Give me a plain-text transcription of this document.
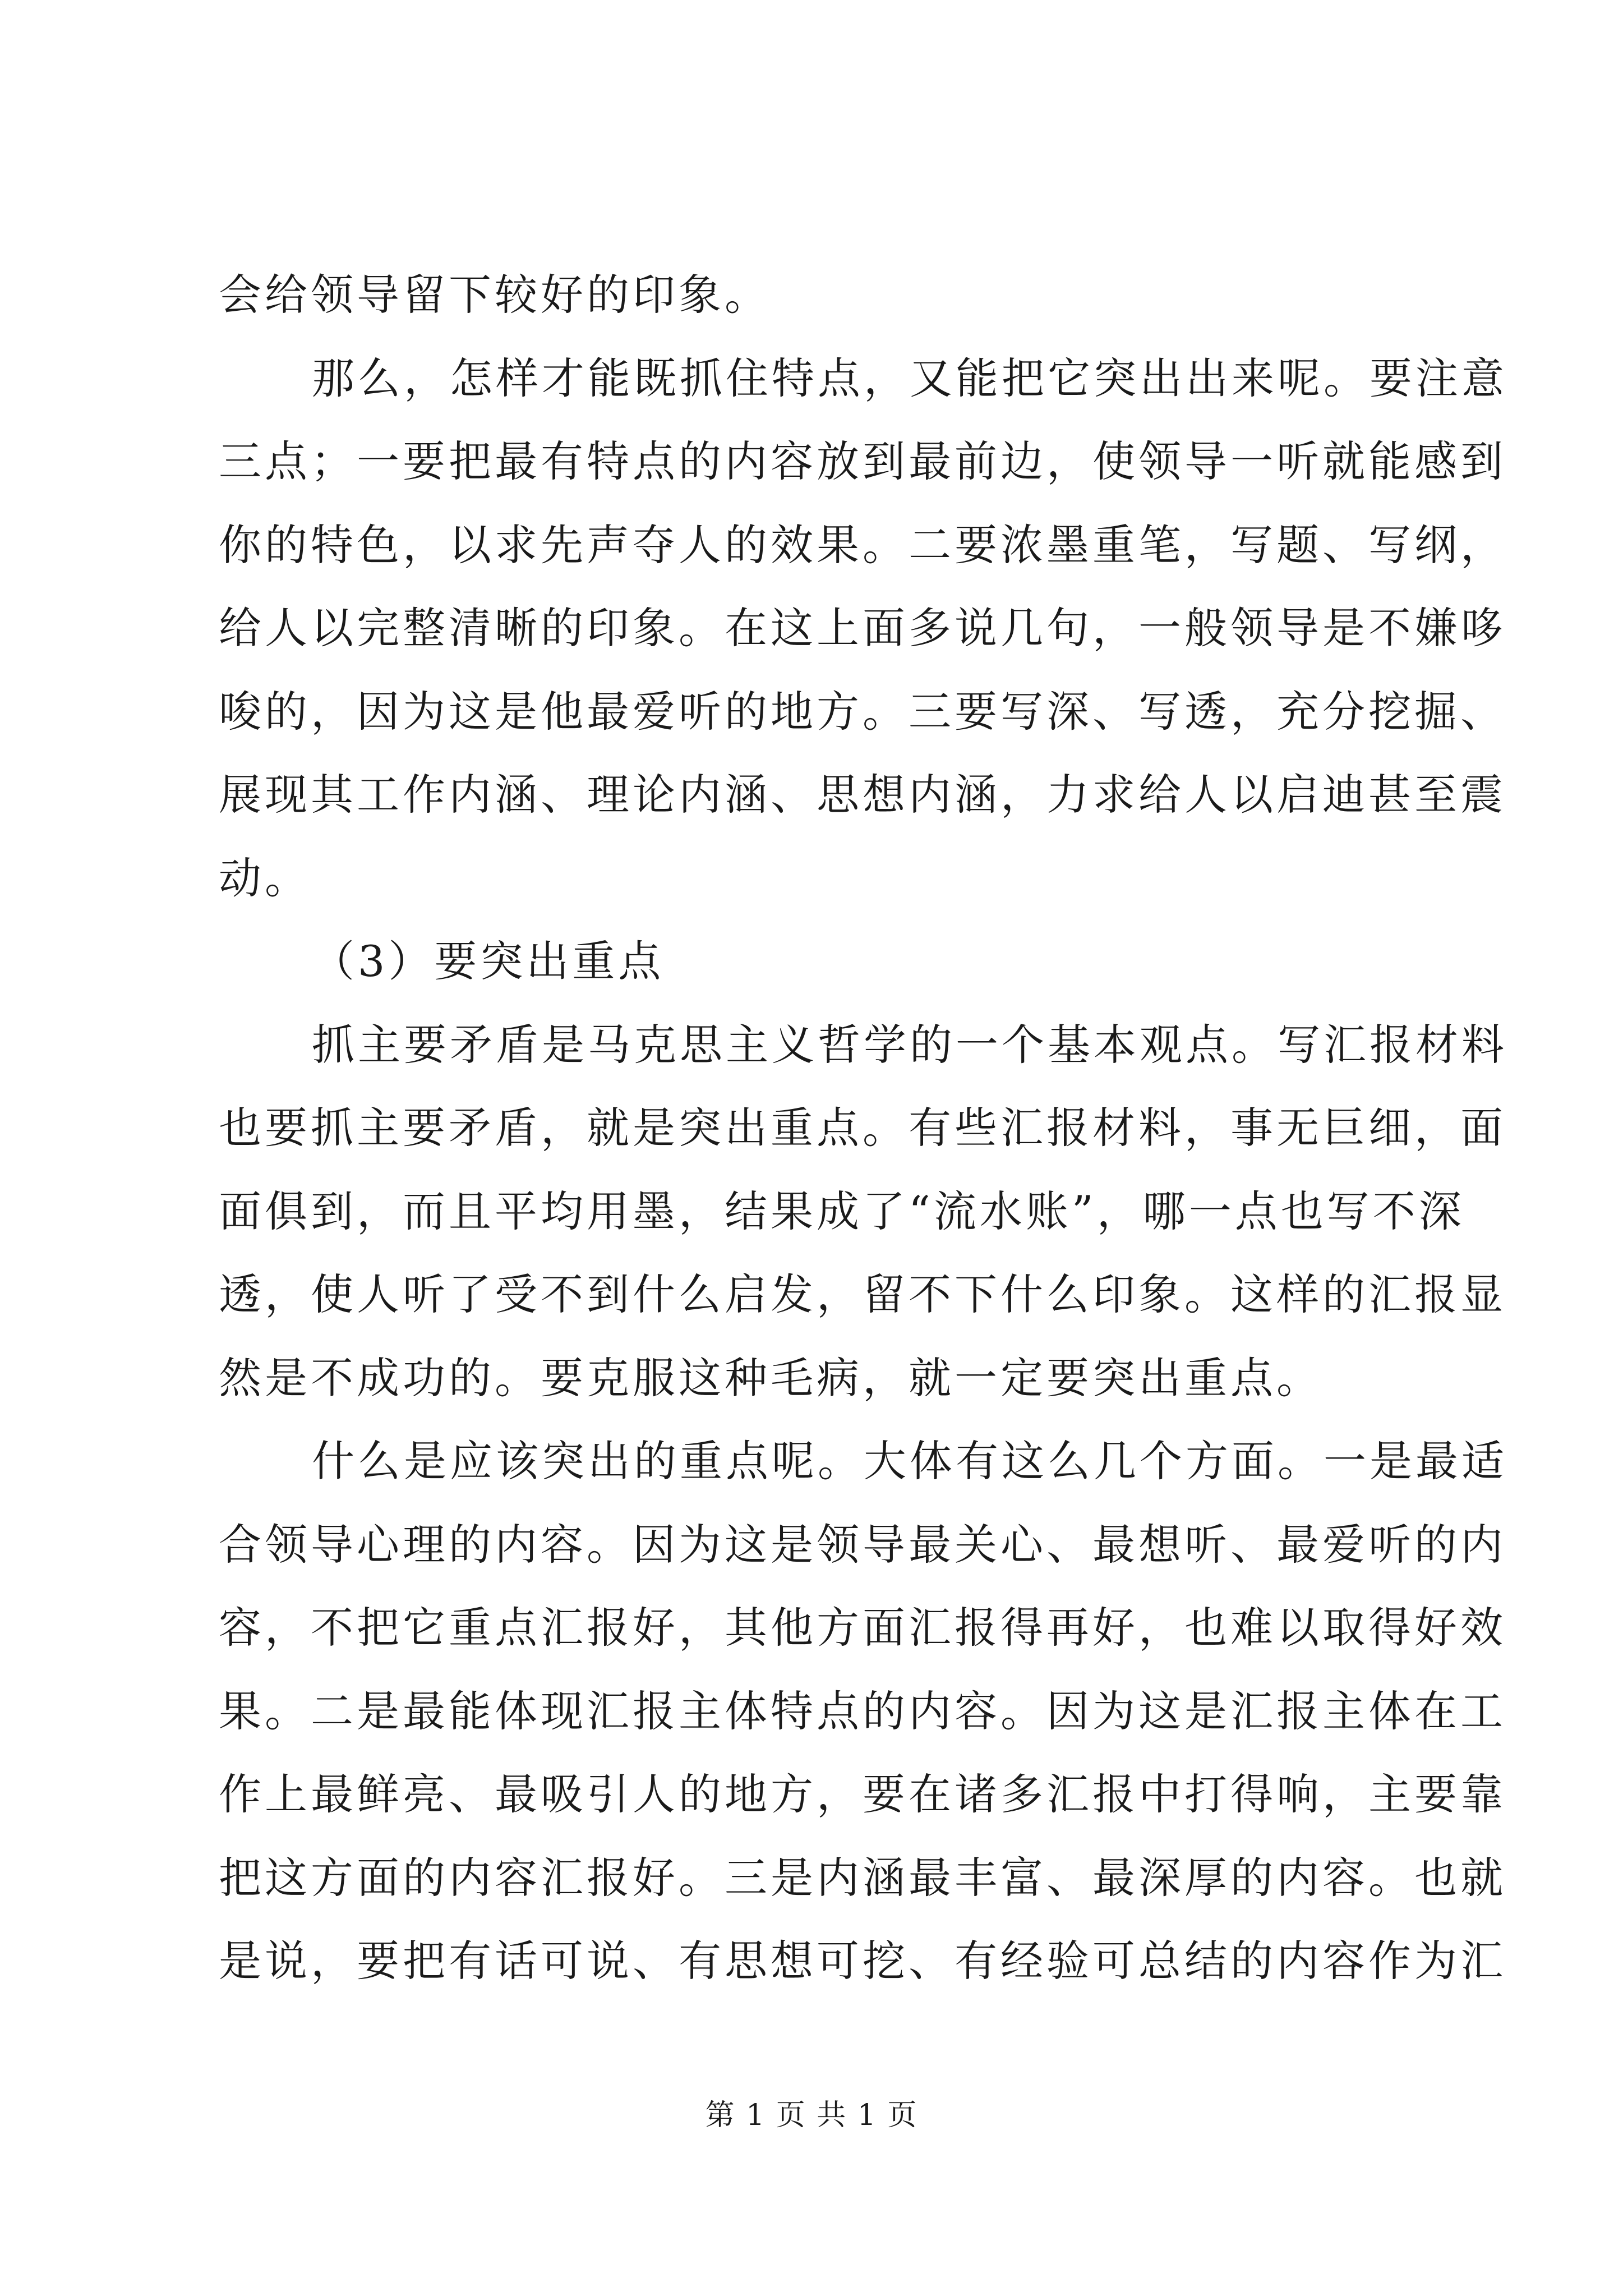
会给领导留下较好的印象。
那么，怎样才能既抓住特点，又能把它突出出来呢。要注意
三点；一要把最有特点的内容放到最前边，使领导一听就能感到
你的特色，以求先声夺人的效果。二要浓墨重笔，写题、写纲，
给人以完整清晰的印象。在这上面多说几句，一般领导是不嫌哆
唆的，因为这是他最爱听的地方。三要写深、写透，充分挖掘、
展现其工作内涵、理论内涵、思想内涵，力求给人以启迪甚至震
动。
（3）要突出重点
抓主要矛盾是马克思主义哲学的一个基本观点。写汇报材料
也要抓主要矛盾，就是突出重点。有些汇报材料，事无巨细，面
面俱到，而且平均用墨，结果成了“流水账”，哪一点也写不深
透，使人听了受不到什么启发，留不下什么印象。这样的汇报显
然是不成功的。要克服这种毛病，就一定要突出重点。
什么是应该突出的重点呢。大体有这么几个方面。一是最适
合领导心理的内容。因为这是领导最关心、最想听、最爱听的内
容，不把它重点汇报好，其他方面汇报得再好，也难以取得好效
果。二是最能体现汇报主体特点的内容。因为这是汇报主体在工
作上最鲜亮、最吸引人的地方，要在诸多汇报中打得响，主要靠
把这方面的内容汇报好。三是内涵最丰富、最深厚的内容。也就
是说，要把有话可说、有思想可挖、有经验可总结的内容作为汇
第 1 页 共 1 页
